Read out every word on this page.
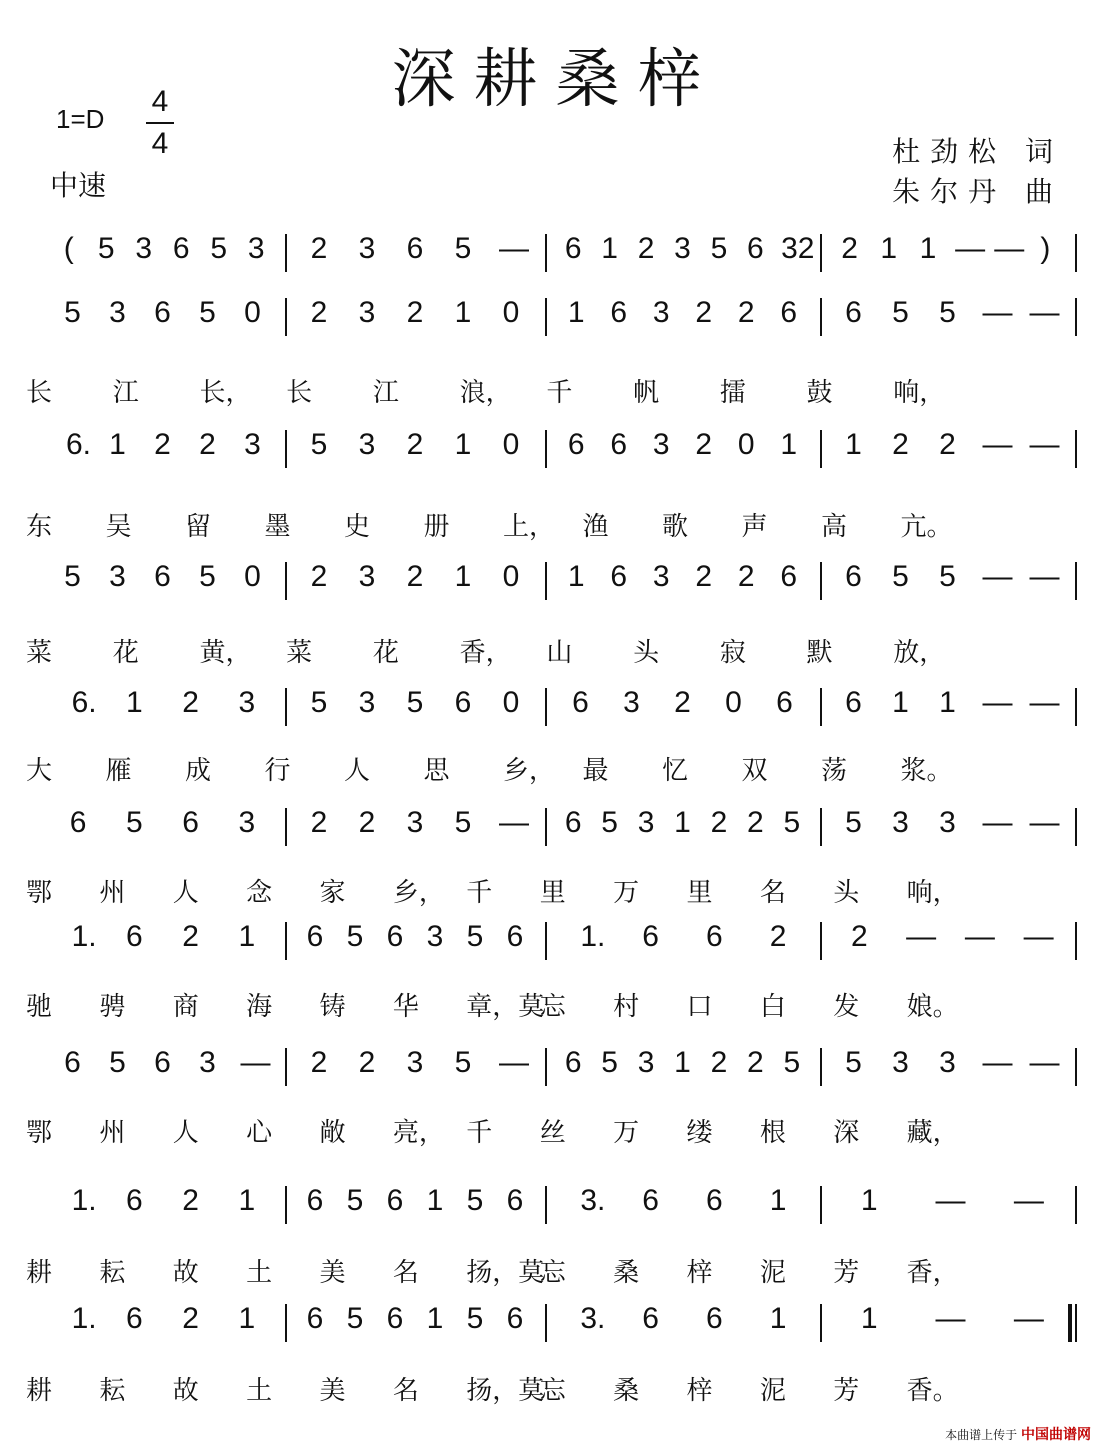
深耕桑梓
1=D
4
4
中速
杜劲松 词
朱尔丹 曲
( 5 3 6 5 3 2 3 6 5 — 6 1 2 3 5 6 32 2 1 1 — — )
5 3 6 5 0 2 3 2 1 0 1 6 3 2 2 6 6 5 5 — —
长 江 长， 长 江 浪， 千 帆 擂 鼓 响，
6. 1 2 2 3 5 3 2 1 0 6 6 3 2 0 1 1 2 2 — —
东 吴 留 墨 史 册 上， 渔 歌 声 高 亢。
5 3 6 5 0 2 3 2 1 0 1 6 3 2 2 6 6 5 5 — —
菜 花 黄， 菜 花 香， 山 头 寂 默 放，
6. 1 2 3 5 3 5 6 0 6 3 2 0 6 6 1 1 — —
大 雁 成 行 人 思 乡， 最 忆 双 荡 浆。
6 5 6 3 2 2 3 5 — 6 5 3 1 2 2 5 5 3 3 — —
鄂 州 人 念 家 乡， 千 里 万 里 名 头 响，
1. 6 2 1 6 5 6 3 5 6 1. 6 6 2 2 — — —
驰 骋 商 海 铸 华 章，莫
忘 村 口 白 发 娘。
6 5 6 3 — 2 2 3 5 — 6 5 3 1 2 2 5 5 3 3 — —
鄂 州 人 心 敞 亮， 千 丝 万 缕 根 深 藏，
1. 6 2 1 6 5 6 1 5 6 3. 6 6 1 1 — —
耕 耘 故 土 美 名 扬，莫
忘 桑 梓 泥 芳 香，
1. 6 2 1 6 5 6 1 5 6 3. 6 6 1 1 — —
耕 耘 故 土 美 名 扬，莫
忘 桑 梓 泥 芳 香。
本曲谱上传于 中国曲谱网
